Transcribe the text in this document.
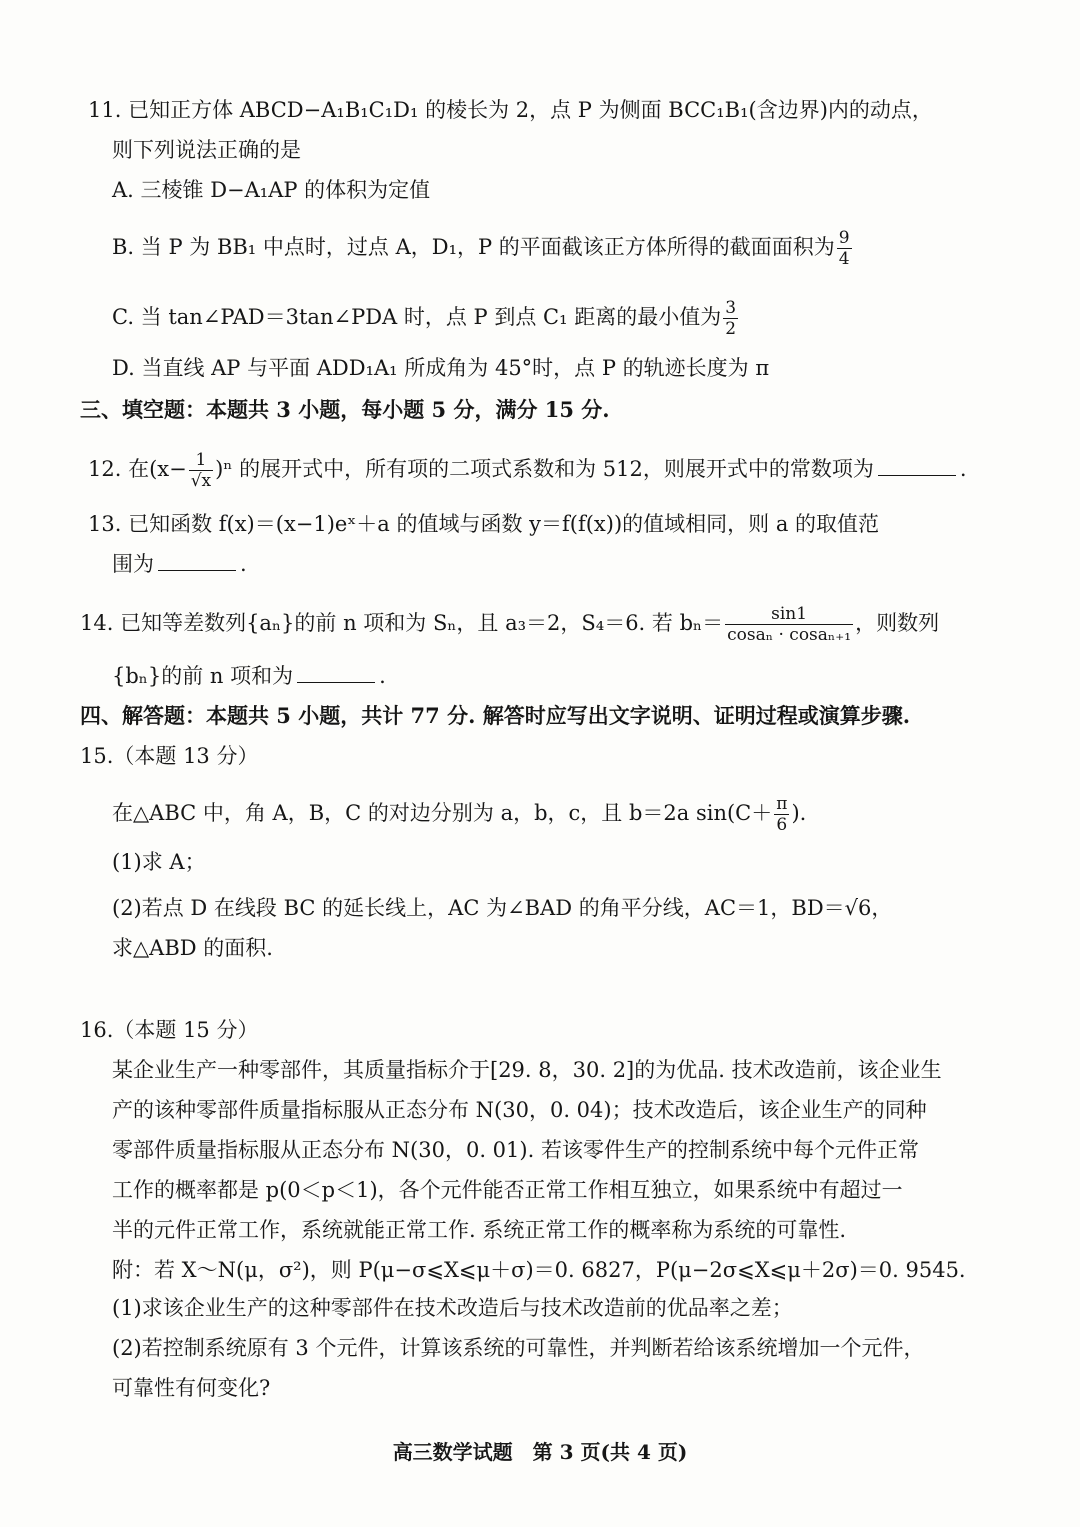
11. 已知正方体 ABCD−A₁B₁C₁D₁ 的棱长为 2，点 P 为侧面 BCC₁B₁(含边界)内的动点，
则下列说法正确的是
A. 三棱锥 D−A₁AP 的体积为定值
B. 当 P 为 BB₁ 中点时，过点 A，D₁，P 的平面截该正方体所得的截面面积为 $\frac{9}{4}$
C. 当 tan∠PAD＝3tan∠PDA 时，点 P 到点 C₁ 距离的最小值为 $\frac{3}{2}$
D. 当直线 AP 与平面 ADD₁A₁ 所成角为 45°时，点 P 的轨迹长度为 π
三、填空题：本题共 3 小题，每小题 5 分，满分 15 分.
12. 在$(x- \frac{1}{√x} )^n$ 的展开式中，所有项的二项式系数和为 512，则展开式中的常数项为	.
13. 已知函数 f(x)＝(x−1)eˣ＋a 的值域与函数 y＝f(f(x))的值域相同，则 a 的取值范
围为	.
14. 已知等差数列{aₙ}的前 n 项和为 Sₙ，且 a₃＝2，S₄＝6. 若 $b_n= \frac{\sin 1}{\text{cosaₙ · cosaₙ₊₁}}$ ，则数列
{bₙ}的前 n 项和为	.
四、解答题：本题共 5 小题，共计 77 分. 解答时应写出文字说明、证明过程或演算步骤.
15.（本题 13 分）
在△ABC 中，角 A，B，C 的对边分别为 a，b，c，且 b＝2a $\sin(C+ \frac{\pi}{6}$ ).
(1)求 A；
(2)若点 D 在线段 BC 的延长线上，AC 为∠BAD 的角平分线，AC＝1，BD＝√6，
求△ABD 的面积.
16.（本题 15 分）
某企业生产一种零部件，其质量指标介于[29. 8，30. 2]的为优品. 技术改造前，该企业生
产的该种零部件质量指标服从正态分布 N(30，0. 04)；技术改造后，该企业生产的同种
零部件质量指标服从正态分布 N(30，0. 01). 若该零件生产的控制系统中每个元件正常
工作的概率都是 p(0＜p＜1)，各个元件能否正常工作相互独立，如果系统中有超过一
半的元件正常工作，系统就能正常工作. 系统正常工作的概率称为系统的可靠性.
附：若 X～N(μ，σ²)，则 P(μ−σ⩽X⩽μ＋σ)＝0. 6827，P(μ−2σ⩽X⩽μ＋2σ)＝0. 9545.
(1)求该企业生产的这种零部件在技术改造后与技术改造前的优品率之差；
(2)若控制系统原有 3 个元件，计算该系统的可靠性，并判断若给该系统增加一个元件，
可靠性有何变化?
高三数学试题　第 3 页(共 4 页)
